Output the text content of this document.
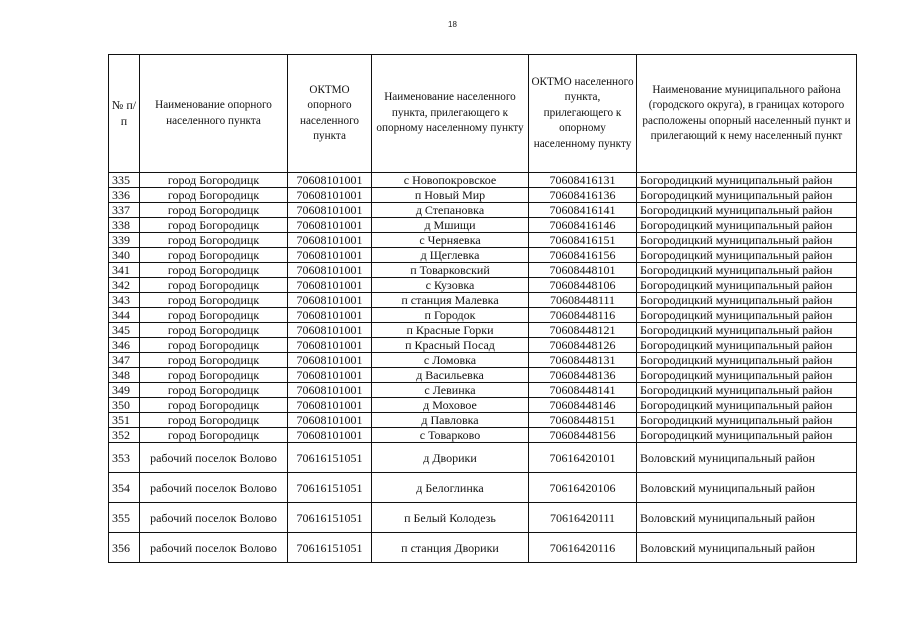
18
№ п/п	Наименование опорного населенного пункта	ОКТМО опорного населенного пункта	Наименование населенного пункта, прилегающего к опорному населенному пункту	ОКТМО населенного пункта, прилегающего к опорному населенному пункту	Наименование муниципального района (городского округа), в границах которого расположены опорный населенный пункт и прилегающий к нему населенный пункт

335	город Богородицк	70608101001	с Новопокровское	70608416131	Богородицкий муниципальный район
336	город Богородицк	70608101001	п Новый Мир	70608416136	Богородицкий муниципальный район
337	город Богородицк	70608101001	д Степановка	70608416141	Богородицкий муниципальный район
338	город Богородицк	70608101001	д Мшищи	70608416146	Богородицкий муниципальный район
339	город Богородицк	70608101001	с Черняевка	70608416151	Богородицкий муниципальный район
340	город Богородицк	70608101001	д Щеглевка	70608416156	Богородицкий муниципальный район
341	город Богородицк	70608101001	п Товарковский	70608448101	Богородицкий муниципальный район
342	город Богородицк	70608101001	с Кузовка	70608448106	Богородицкий муниципальный район
343	город Богородицк	70608101001	п станция Малевка	70608448111	Богородицкий муниципальный район
344	город Богородицк	70608101001	п Городок	70608448116	Богородицкий муниципальный район
345	город Богородицк	70608101001	п Красные Горки	70608448121	Богородицкий муниципальный район
346	город Богородицк	70608101001	п Красный Посад	70608448126	Богородицкий муниципальный район
347	город Богородицк	70608101001	с Ломовка	70608448131	Богородицкий муниципальный район
348	город Богородицк	70608101001	д Васильевка	70608448136	Богородицкий муниципальный район
349	город Богородицк	70608101001	с Левинка	70608448141	Богородицкий муниципальный район
350	город Богородицк	70608101001	д Моховое	70608448146	Богородицкий муниципальный район
351	город Богородицк	70608101001	д Павловка	70608448151	Богородицкий муниципальный район
352	город Богородицк	70608101001	с Товарково	70608448156	Богородицкий муниципальный район
353	рабочий поселок Волово	70616151051	д Дворики	70616420101	Воловский муниципальный район
354	рабочий поселок Волово	70616151051	д Белоглинка	70616420106	Воловский муниципальный район
355	рабочий поселок Волово	70616151051	п Белый Колодезь	70616420111	Воловский муниципальный район
356	рабочий поселок Волово	70616151051	п станция Дворики	70616420116	Воловский муниципальный район
